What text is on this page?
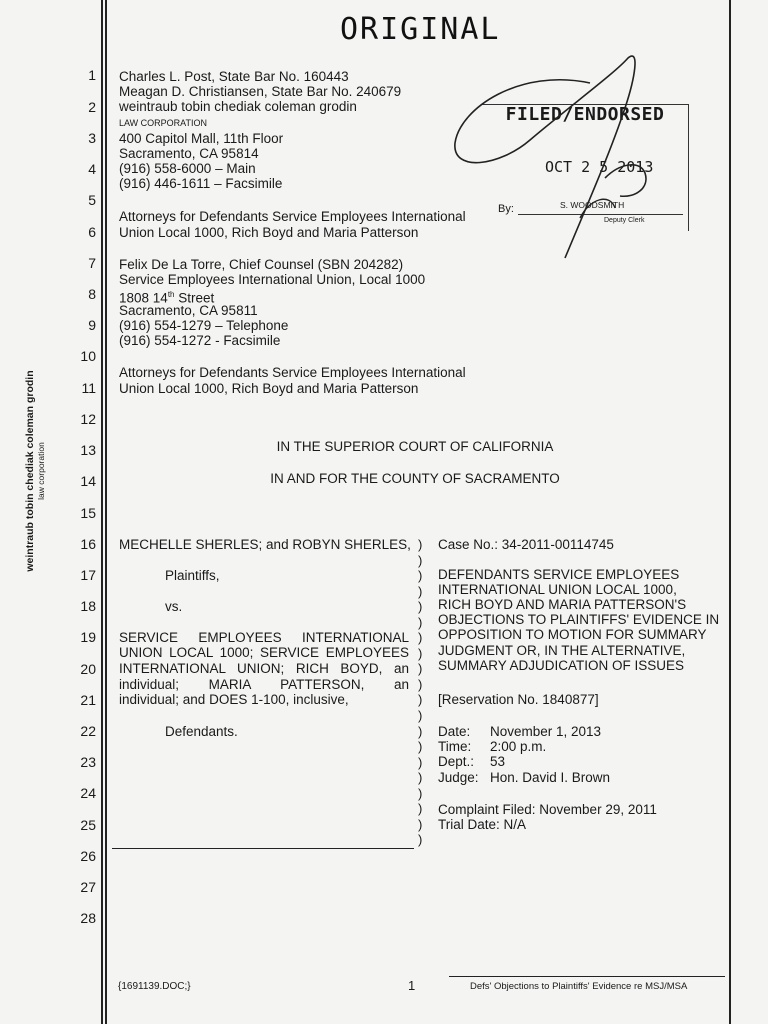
ORIGINAL
1
2
3
4
5
6
7
8
9
10
11
12
13
14
15
16
17
18
19
20
21
22
23
24
25
26
27
28
weintraub tobin chediak coleman grodin law corporation
Charles L. Post, State Bar No. 160443
Meagan D. Christiansen, State Bar No. 240679
weintraub tobin chediak coleman grodin
LAW CORPORATION
400 Capitol Mall, 11th Floor
Sacramento, CA 95814
(916) 558-6000 – Main
(916) 446-1611 – Facsimile
Attorneys for Defendants Service Employees International
Union Local 1000, Rich Boyd and Maria Patterson
Felix De La Torre, Chief Counsel (SBN 204282)
Service Employees International Union, Local 1000
1808 14th Street
Sacramento, CA 95811
(916) 554-1279 – Telephone
(916) 554-1272 - Facsimile
Attorneys for Defendants Service Employees International
Union Local 1000, Rich Boyd and Maria Patterson
FILED/ENDORSED
OCT 2 5 2013
By:	S. WOODSMITH
Deputy Clerk
IN THE SUPERIOR COURT OF CALIFORNIA
IN AND FOR THE COUNTY OF SACRAMENTO
MECHELLE SHERLES; and ROBYN SHERLES,
Plaintiffs,
vs.
SERVICE EMPLOYEES INTERNATIONAL
UNION LOCAL 1000; SERVICE EMPLOYEES
INTERNATIONAL UNION; RICH BOYD, an
individual; MARIA PATTERSON, an
individual; and DOES 1-100, inclusive,
Defendants.
)
)
)
)
)
)
)
)
)
)
)
)
)
)
)
)
)
)
)
)
Case No.: 34-2011-00114745
DEFENDANTS SERVICE EMPLOYEES
INTERNATIONAL UNION LOCAL 1000,
RICH BOYD AND MARIA PATTERSON'S
OBJECTIONS TO PLAINTIFFS' EVIDENCE IN
OPPOSITION TO MOTION FOR SUMMARY
JUDGMENT OR, IN THE ALTERNATIVE,
SUMMARY ADJUDICATION OF ISSUES
[Reservation No. 1840877]
Date: November 1, 2013
Time: 2:00 p.m.
Dept.: 53
Judge: Hon. David I. Brown
Complaint Filed: November 29, 2011
Trial Date: N/A
{1691139.DOC;}	1	Defs' Objections to Plaintiffs' Evidence re MSJ/MSA
